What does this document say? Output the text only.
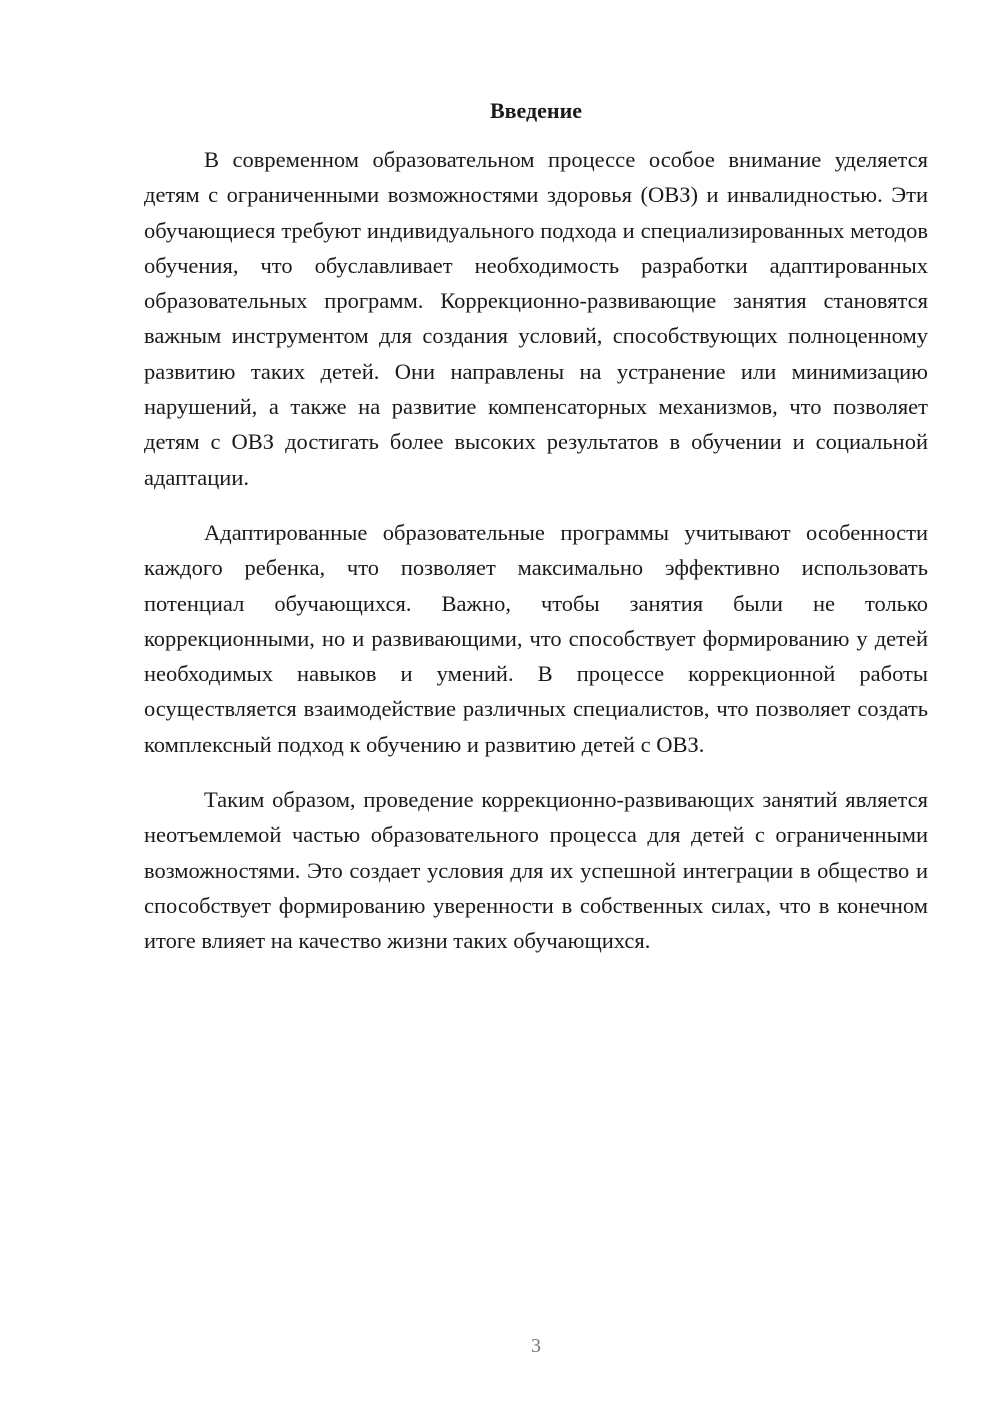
Введение

В современном образовательном процессе особое внимание уделяется детям с ограниченными возможностями здоровья (ОВЗ) и инвалидностью. Эти обучающиеся требуют индивидуального подхода и специализированных методов обучения, что обуславливает необходимость разработки адаптированных образовательных программ. Коррекционно-развивающие занятия становятся важным инструментом для создания условий, способствующих полноценному развитию таких детей. Они направлены на устранение или минимизацию нарушений, а также на развитие компенсаторных механизмов, что позволяет детям с ОВЗ достигать более высоких результатов в обучении и социальной адаптации.

Адаптированные образовательные программы учитывают особенности каждого ребенка, что позволяет максимально эффективно использовать потенциал обучающихся. Важно, чтобы занятия были не только коррекционными, но и развивающими, что способствует формированию у детей необходимых навыков и умений. В процессе коррекционной работы осуществляется взаимодействие различных специалистов, что позволяет создать комплексный подход к обучению и развитию детей с ОВЗ.

Таким образом, проведение коррекционно-развивающих занятий является неотъемлемой частью образовательного процесса для детей с ограниченными возможностями. Это создает условия для их успешной интеграции в общество и способствует формированию уверенности в собственных силах, что в конечном итоге влияет на качество жизни таких обучающихся.

3
